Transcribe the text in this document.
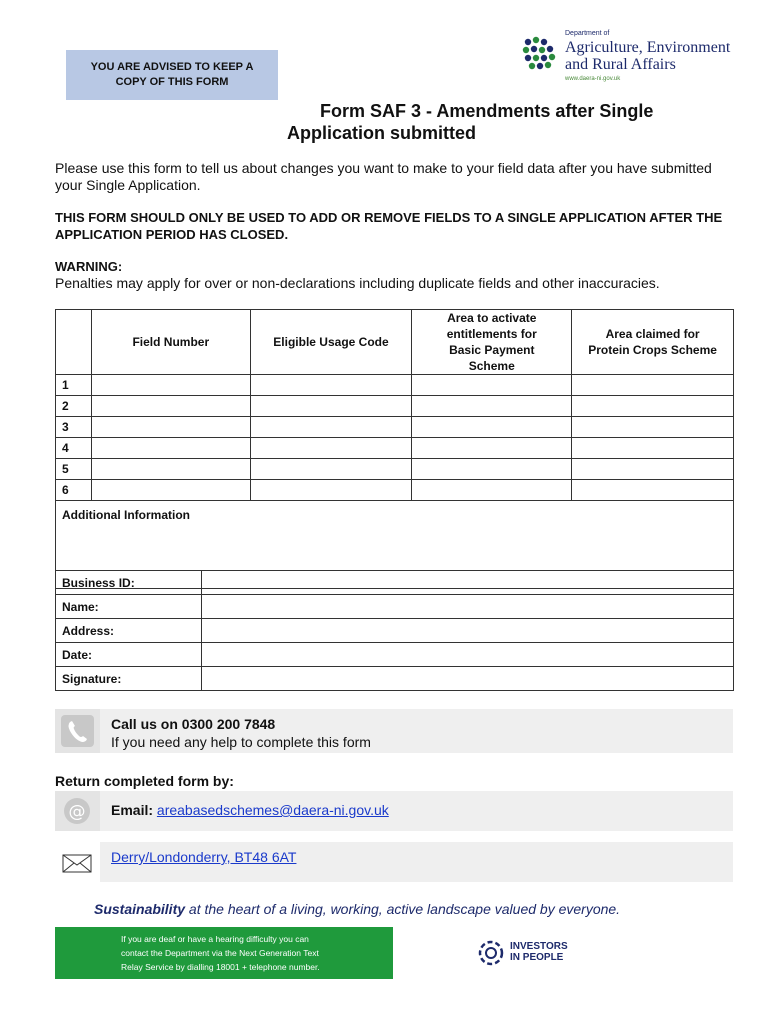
YOU ARE ADVISED TO KEEP A
COPY OF THIS FORM
Department of
Agriculture, Environment
and Rural Affairs
www.daera-ni.gov.uk
Form SAF 3 - Amendments after Single
Application submitted
Please use this form to tell us about changes you want to make to your field data after you have submitted your Single Application.
THIS FORM SHOULD ONLY BE USED TO ADD OR REMOVE FIELDS TO A SINGLE APPLICATION AFTER THE APPLICATION PERIOD HAS CLOSED.
WARNING:
Penalties may apply for over or non-declarations including duplicate fields and other inaccuracies.
	Field Number	Eligible Usage Code	Area to activate entitlements for Basic Payment Scheme	Area claimed for Protein Crops Scheme
1				
2				
3				
4				
5				
6				
Additional Information				
Business ID:	
Name:	
Address:	
Date:	
Signature:	
Call us on 0300 200 7848
If you need any help to complete this form
Return completed form by:
@ Email: areabasedschemes@daera-ni.gov.uk
Derry/Londonderry, BT48 6AT
Sustainability at the heart of a living, working, active landscape valued by everyone.
If you are deaf or have a hearing difficulty you can
contact the Department via the Next Generation Text
Relay Service by dialling 18001 + telephone number.
INVESTORS
IN PEOPLE
